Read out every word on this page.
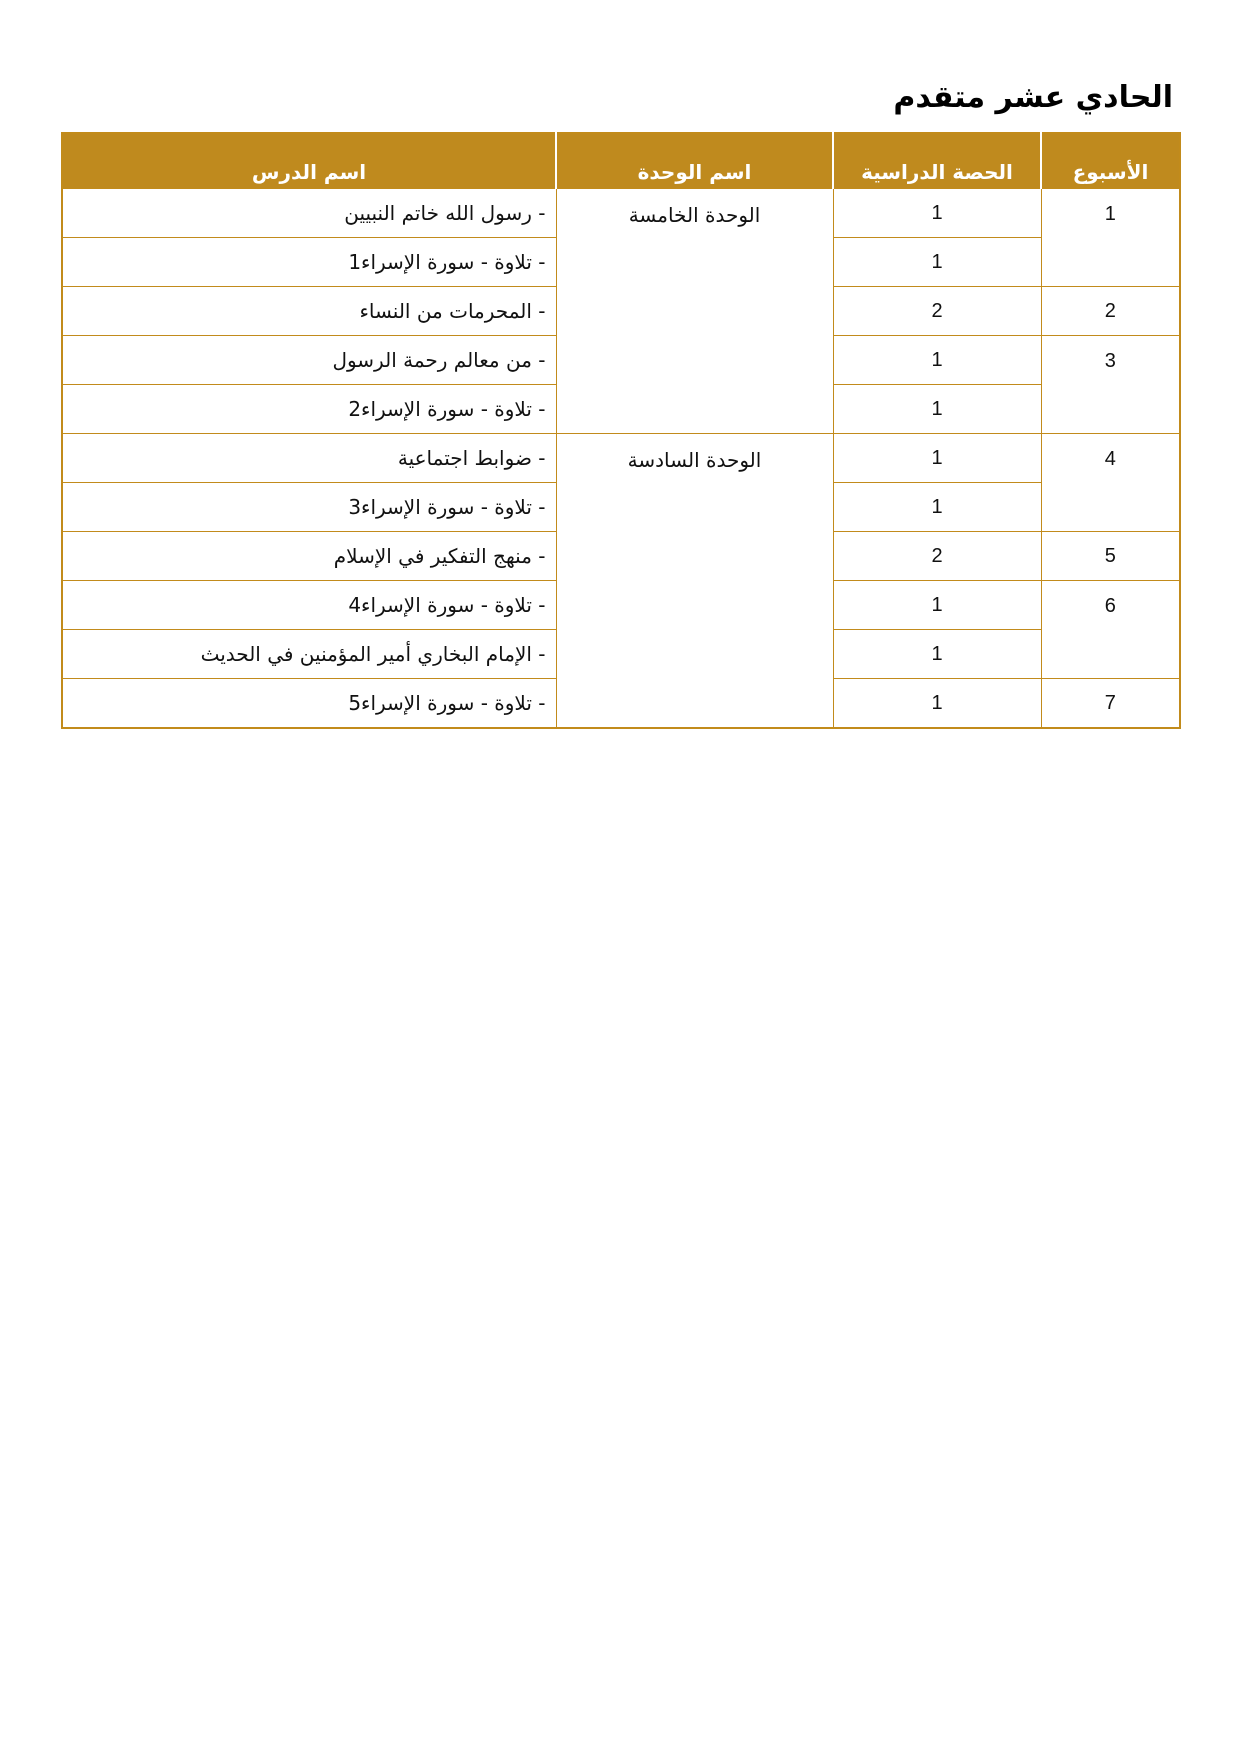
الحادي عشر متقدم
الأسبوع	الحصة الدراسية	اسم الوحدة	اسم الدرس
1	1	الوحدة الخامسة	- رسول الله خاتم النبيين
	1		- تلاوة - سورة الإسراء1
2	2		- المحرمات من النساء
3	1		- من معالم رحمة الرسول
	1		- تلاوة - سورة الإسراء2
4	1	الوحدة السادسة	- ضوابط اجتماعية
	1		- تلاوة - سورة الإسراء3
5	2		- منهج التفكير في الإسلام
6	1		- تلاوة - سورة الإسراء4
	1		- الإمام البخاري أمير المؤمنين في الحديث
7	1		- تلاوة - سورة الإسراء5
